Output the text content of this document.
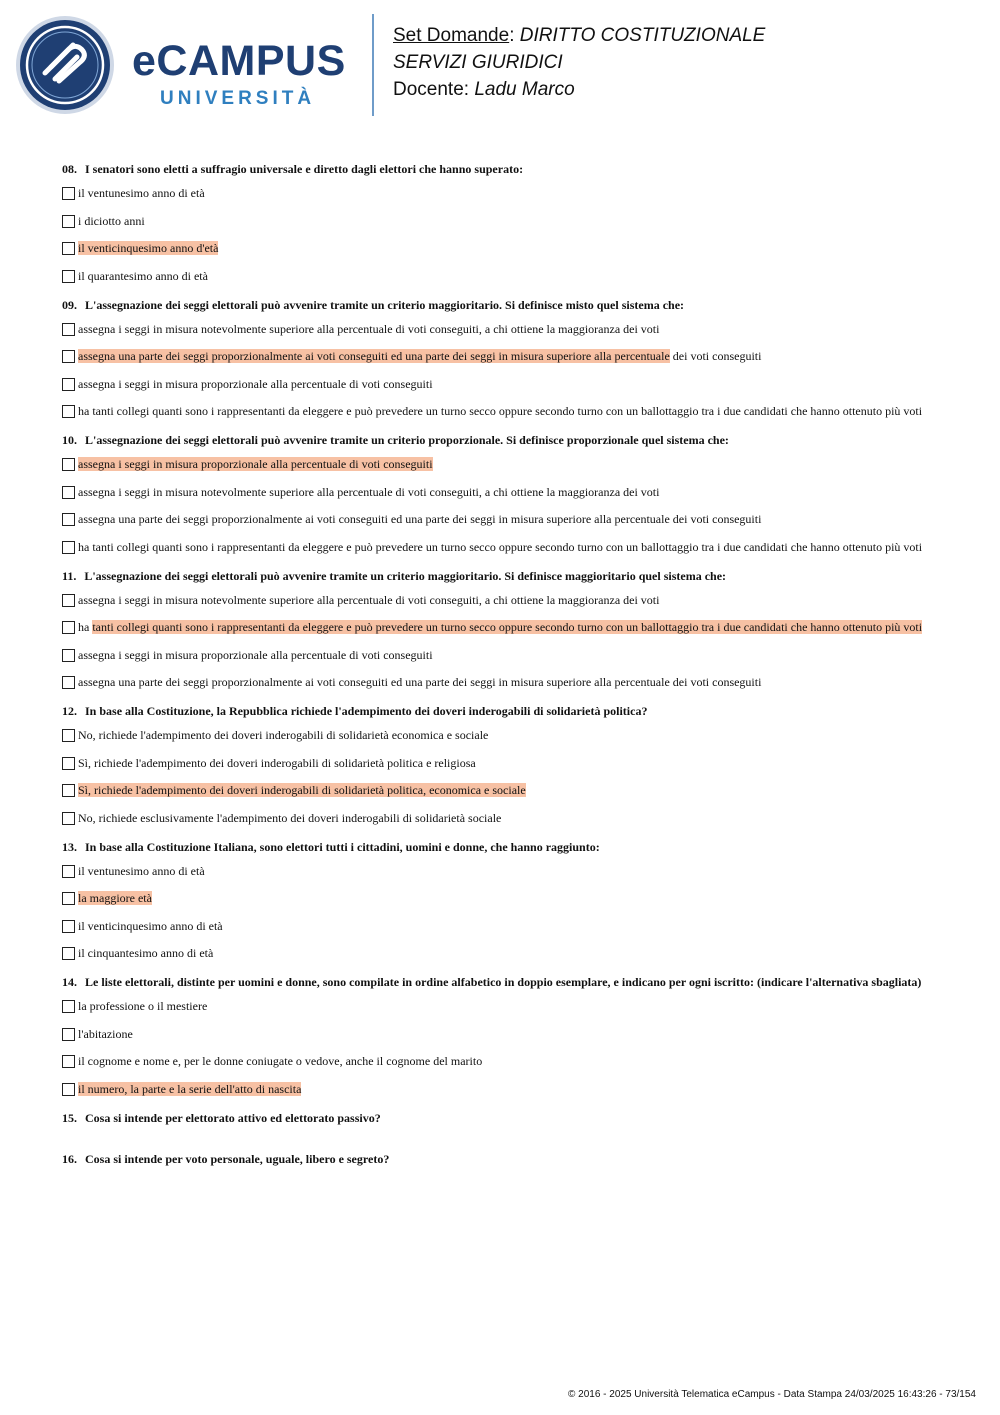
eCAMPUS
UNIVERSITÀ
Set Domande: DIRITTO COSTITUZIONALE
SERVIZI GIURIDICI
Docente: Ladu Marco
08. I senatori sono eletti a suffragio universale e diretto dagli elettori che hanno superato:
il ventunesimo anno di età
i diciotto anni
il venticinquesimo anno d'età
il quarantesimo anno di età
09. L'assegnazione dei seggi elettorali può avvenire tramite un criterio maggioritario. Si definisce misto quel sistema che:
assegna i seggi in misura notevolmente superiore alla percentuale di voti conseguiti, a chi ottiene la maggioranza dei voti
assegna una parte dei seggi proporzionalmente ai voti conseguiti ed una parte dei seggi in misura superiore alla percentuale dei voti conseguiti
assegna i seggi in misura proporzionale alla percentuale di voti conseguiti
ha tanti collegi quanti sono i rappresentanti da eleggere e può prevedere un turno secco oppure secondo turno con un ballottaggio tra i due candidati che hanno ottenuto più voti
10. L'assegnazione dei seggi elettorali può avvenire tramite un criterio proporzionale. Si definisce proporzionale quel sistema che:
assegna i seggi in misura proporzionale alla percentuale di voti conseguiti
assegna i seggi in misura notevolmente superiore alla percentuale di voti conseguiti, a chi ottiene la maggioranza dei voti
assegna una parte dei seggi proporzionalmente ai voti conseguiti ed una parte dei seggi in misura superiore alla percentuale dei voti conseguiti
ha tanti collegi quanti sono i rappresentanti da eleggere e può prevedere un turno secco oppure secondo turno con un ballottaggio tra i due candidati che hanno ottenuto più voti
11. L'assegnazione dei seggi elettorali può avvenire tramite un criterio maggioritario. Si definisce maggioritario quel sistema che:
assegna i seggi in misura notevolmente superiore alla percentuale di voti conseguiti, a chi ottiene la maggioranza dei voti
ha tanti collegi quanti sono i rappresentanti da eleggere e può prevedere un turno secco oppure secondo turno con un ballottaggio tra i due candidati che hanno ottenuto più voti
assegna i seggi in misura proporzionale alla percentuale di voti conseguiti
assegna una parte dei seggi proporzionalmente ai voti conseguiti ed una parte dei seggi in misura superiore alla percentuale dei voti conseguiti
12. In base alla Costituzione, la Repubblica richiede l'adempimento dei doveri inderogabili di solidarietà politica?
No, richiede l'adempimento dei doveri inderogabili di solidarietà economica e sociale
Sì, richiede l'adempimento dei doveri inderogabili di solidarietà politica e religiosa
Sì, richiede l'adempimento dei doveri inderogabili di solidarietà politica, economica e sociale
No, richiede esclusivamente l'adempimento dei doveri inderogabili di solidarietà sociale
13. In base alla Costituzione Italiana, sono elettori tutti i cittadini, uomini e donne, che hanno raggiunto:
il ventunesimo anno di età
la maggiore età
il venticinquesimo anno di età
il cinquantesimo anno di età
14. Le liste elettorali, distinte per uomini e donne, sono compilate in ordine alfabetico in doppio esemplare, e indicano per ogni iscritto: (indicare l'alternativa sbagliata)
la professione o il mestiere
l'abitazione
il cognome e nome e, per le donne coniugate o vedove, anche il cognome del marito
il numero, la parte e la serie dell'atto di nascita
15. Cosa si intende per elettorato attivo ed elettorato passivo?
16. Cosa si intende per voto personale, uguale, libero e segreto?
© 2016 - 2025 Università Telematica eCampus - Data Stampa 24/03/2025 16:43:26 - 73/154
